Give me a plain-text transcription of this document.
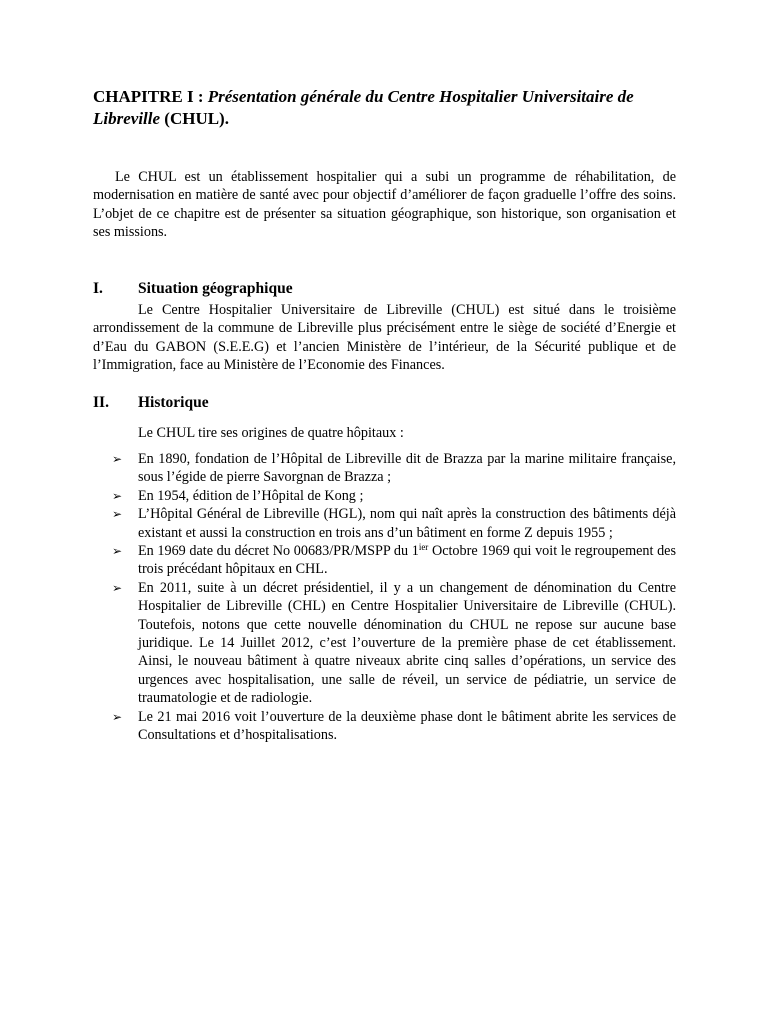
CHAPITRE I : Présentation générale du Centre Hospitalier Universitaire de Libreville (CHUL).

Le CHUL est un établissement hospitalier qui a subi un programme de réhabilitation, de modernisation en matière de santé avec pour objectif d’améliorer de façon graduelle l’offre des soins. L’objet de ce chapitre est de présenter sa situation géographique, son historique, son organisation et ses missions.

I. Situation géographique

Le Centre Hospitalier Universitaire de Libreville (CHUL) est situé dans le troisième arrondissement de la commune de Libreville plus précisément entre le siège de société d’Energie et d’Eau du GABON (S.E.E.G) et l’ancien Ministère de l’intérieur, de la Sécurité publique et de l’Immigration, face au Ministère de l’Economie des Finances.

II. Historique

Le CHUL tire ses origines de quatre hôpitaux :

➢ En 1890, fondation de l’Hôpital de Libreville dit de Brazza par la marine militaire française, sous l’égide de pierre Savorgnan de Brazza ;
➢ En 1954, édition de l’Hôpital de Kong ;
➢ L’Hôpital Général de Libreville (HGL), nom qui naît après la construction des bâtiments déjà existant et aussi la construction en trois ans d’un bâtiment en forme Z depuis 1955 ;
➢ En 1969 date du décret No 00683/PR/MSPP du $1^{ier}$ Octobre 1969 qui voit le regroupement des trois précédant hôpitaux en CHL.
➢ En 2011, suite à un décret présidentiel, il y a un changement de dénomination du Centre Hospitalier de Libreville (CHL) en Centre Hospitalier Universitaire de Libreville (CHUL). Toutefois, notons que cette nouvelle dénomination du CHUL ne repose sur aucune base juridique. Le 14 Juillet 2012, c’est l’ouverture de la première phase de cet établissement. Ainsi, le nouveau bâtiment à quatre niveaux abrite cinq salles d’opérations, un service des urgences avec hospitalisation, une salle de réveil, un service de pédiatrie, un service de traumatologie et de radiologie.
➢ Le 21 mai 2016 voit l’ouverture de la deuxième phase dont le bâtiment abrite les services de Consultations et d’hospitalisations.
